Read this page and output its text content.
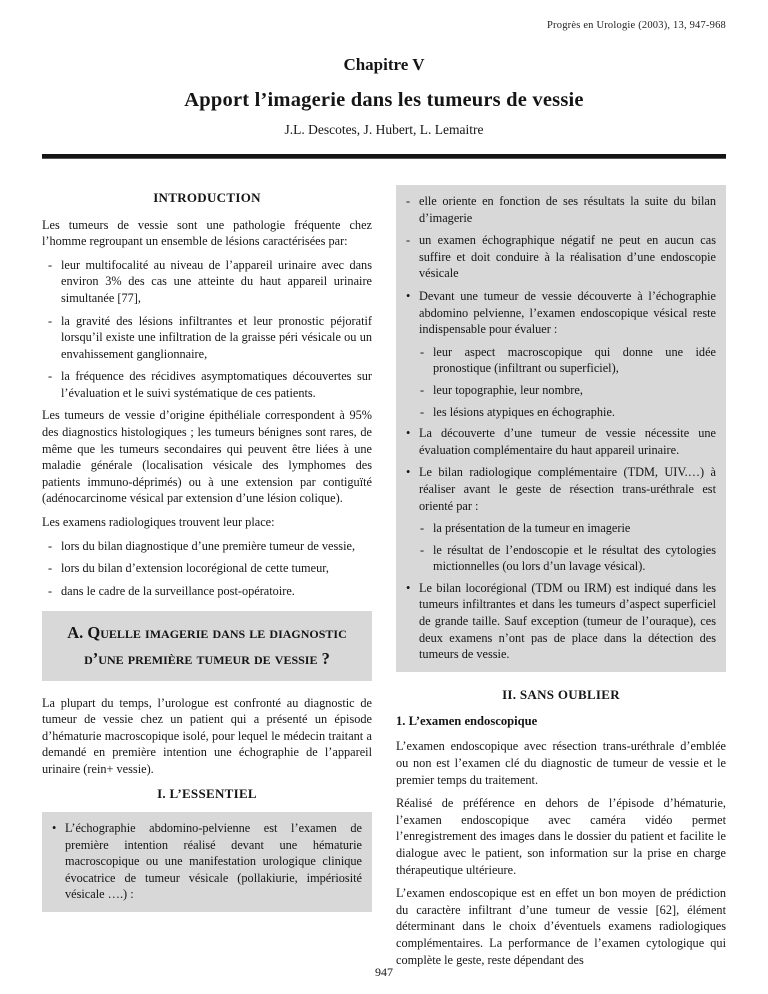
Progrès en Urologie (2003), 13, 947-968
Chapitre V
Apport l’imagerie dans les tumeurs de vessie
J.L. Descotes, J. Hubert, L. Lemaitre
INTRODUCTION

Les tumeurs de vessie sont une pathologie fréquente chez l’homme regroupant un ensemble de lésions caractérisées par:

- leur multifocalité au niveau de l’appareil urinaire avec dans environ 3% des cas une atteinte du haut appareil urinaire simultanée [77],
- la gravité des lésions infiltrantes et leur pronostic péjoratif lorsqu’il existe une infiltration de la graisse péri vésicale ou un envahissement ganglionnaire,
- la fréquence des récidives asymptomatiques découvertes sur l’évaluation et le suivi systématique de ces patients.

Les tumeurs de vessie d’origine épithéliale correspondent à 95% des diagnostics histologiques ; les tumeurs bénignes sont rares, de même que les tumeurs secondaires qui peuvent être liées à une maladie générale (localisation vésicale des lymphomes des patients immuno-déprimés) ou à une extension par contiguïté (adénocarcinome vésical par extension d’une lésion colique).

Les examens radiologiques trouvent leur place:

- lors du bilan diagnostique d’une première tumeur de vessie,
- lors du bilan d’extension locorégional de cette tumeur,
- dans le cadre de la surveillance post-opératoire.
A. Quelle imagerie dans le diagnostic d’une première tumeur de vessie ?

La plupart du temps, l’urologue est confronté au diagnostic de tumeur de vessie chez un patient qui a présenté un épisode d’hématurie macroscopique isolé, pour lequel le médecin traitant a demandé en première intention une échographie de l’appareil urinaire (rein+ vessie).

I. L’ESSENTIEL
• L’échographie abdomino-pelvienne est l’examen de première intention réalisé devant une hématurie macroscopique ou une manifestation urologique clinique évocatrice de tumeur vésicale (pollakiurie, impériosité vésicale ….) :
- elle oriente en fonction de ses résultats la suite du bilan d’imagerie
- un examen échographique négatif ne peut en aucun cas suffire et doit conduire à la réalisation d’une endoscopie vésicale
• Devant une tumeur de vessie découverte à l’échographie abdomino pelvienne, l’examen endoscopique vésical reste indispensable pour évaluer :
- leur aspect macroscopique qui donne une idée pronostique (infiltrant ou superficiel),
- leur topographie, leur nombre,
- les lésions atypiques en échographie.
• La découverte d’une tumeur de vessie nécessite une évaluation complémentaire du haut appareil urinaire.
• Le bilan radiologique complémentaire (TDM, UIV.…) à réaliser avant le geste de résection trans-uréthrale est orienté par :
- la présentation de la tumeur en imagerie
- le résultat de l’endoscopie et le résultat des cytologies mictionnelles (ou lors d’un lavage vésical).
• Le bilan locorégional (TDM ou IRM) est indiqué dans les tumeurs infiltrantes et dans les tumeurs d’aspect superficiel de grande taille. Sauf exception (tumeur de l’ouraque), ces deux examens n’ont pas de place dans la détection des tumeurs de vessie.
II. SANS OUBLIER
1. L’examen endoscopique

L’examen endoscopique avec résection trans-uréthrale d’emblée ou non est l’examen clé du diagnostic de tumeur de vessie et le premier temps du traitement.

Réalisé de préférence en dehors de l’épisode d’hématurie, l’examen endoscopique avec caméra vidéo permet l’enregistrement des images dans le dossier du patient et facilite le dialogue avec le patient, son information sur la prise en charge thérapeutique ultérieure.

L’examen endoscopique est en effet un bon moyen de prédiction du caractère infiltrant d’une tumeur de vessie [62], élément déterminant dans le choix d’éventuels examens radiologiques complémentaires. La performance de l’examen cytologique qui complète le geste, reste dépendant des

947
